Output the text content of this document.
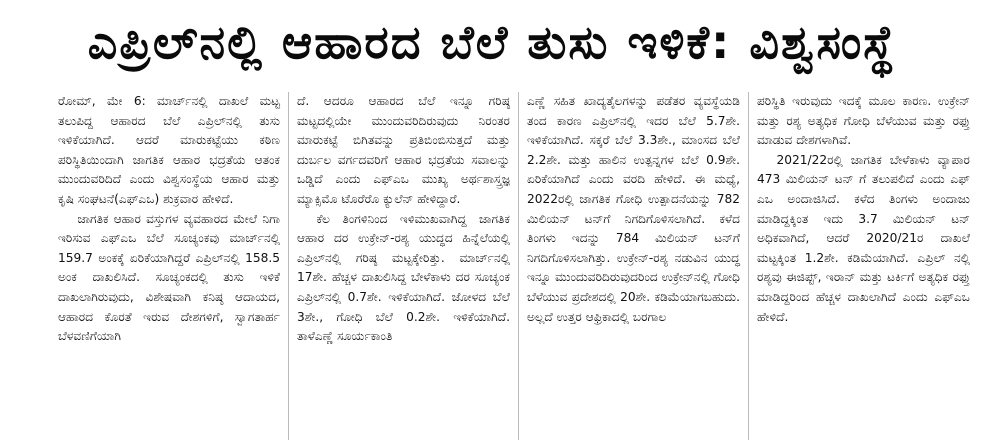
ಎಪ್ರಿಲ್‌ನಲ್ಲಿ ಆಹಾರದ ಬೆಲೆ ತುಸು ಇಳಿಕೆ: ವಿಶ್ವಸಂಸ್ಥೆ

ರೋಮ್, ಮೇ 6: ಮಾರ್ಚ್‌ನಲ್ಲಿ ದಾಖಲೆ ಮಟ್ಟ ತಲುಪಿದ್ದ ಆಹಾರದ ಬೆಲೆ ಎಪ್ರಿಲ್‌ನಲ್ಲಿ ತುಸು ಇಳಿಕೆಯಾಗಿದೆ. ಆದರೆ ಮಾರುಕಟ್ಟೆಯು ಕಠಿಣ ಪರಿಸ್ಥಿತಿಯಿಂದಾಗಿ ಜಾಗತಿಕ ಆಹಾರ ಭದ್ರತೆಯ ಆತಂಕ ಮುಂದುವರಿದಿದೆ ಎಂದು ವಿಶ್ವಸಂಸ್ಥೆಯ ಆಹಾರ ಮತ್ತು ಕೃಷಿ ಸಂಘಟನೆ(ಎಫ್‌ಎಒ) ಶುಕ್ರವಾರ ಹೇಳಿದೆ.

ಜಾಗತಿಕ ಆಹಾರ ವಸ್ತುಗಳ ವ್ಯವಹಾರದ ಮೇಲೆ ನಿಗಾ ಇರಿಸುವ ಎಫ್‌ಎಒ ಬೆಲೆ ಸೂಚ್ಯಂಕವು ಮಾರ್ಚ್‌ನಲ್ಲಿ 159.7 ಅಂಕಕ್ಕೆ ಏರಿಕೆಯಾಗಿದ್ದರೆ ಎಪ್ರಿಲ್‌ನಲ್ಲಿ 158.5 ಅಂಕ ದಾಖಲಿಸಿದೆ. ಸೂಚ್ಯಂಕದಲ್ಲಿ ತುಸು ಇಳಿಕೆ ದಾಖಲಾಗಿರುವುದು, ವಿಶೇಷವಾಗಿ ಕನಿಷ್ಠ ಆದಾಯದ, ಆಹಾರದ ಕೊರತೆ ಇರುವ ದೇಶಗಳಿಗೆ, ಸ್ವಾಗತಾರ್ಹ ಬೆಳವಣಿಗೆಯಾಗಿ

ದೆ. ಆದರೂ ಆಹಾರದ ಬೆಲೆ ಇನ್ನೂ ಗರಿಷ್ಠ ಮಟ್ಟದಲ್ಲಿಯೇ ಮುಂದುವರಿದಿರುವುದು ನಿರಂತರ ಮಾರುಕಟ್ಟೆ ಬಿಗಿತವನ್ನು ಪ್ರತಿಬಿಂಬಿಸುತ್ತದೆ ಮತ್ತು ದುರ್ಬಲ ವರ್ಗದವರಿಗೆ ಆಹಾರ ಭದ್ರತೆಯ ಸವಾಲನ್ನು ಒಡ್ಡಿದೆ ಎಂದು ಎಫ್‌ಎಒ ಮುಖ್ಯ ಅರ್ಥಶಾಸ್ತ್ರಜ್ಞ ಮ್ಯಾಕ್ಸಿಮೊ ಟೊರೆರೊ ಕ್ಯುಲೆನ್ ಹೇಳಿದ್ದಾರೆ.

ಕೆಲ ತಿಂಗಳಿನಿಂದ ಇಳಿಮುಖವಾಗಿದ್ದ ಜಾಗತಿಕ ಆಹಾರ ದರ ಉಕ್ರೇನ್-ರಶ್ಯ ಯುದ್ಧದ ಹಿನ್ನೆಲೆಯಲ್ಲಿ ಎಪ್ರಿಲ್‌ನಲ್ಲಿ ಗರಿಷ್ಠ ಮಟ್ಟಕ್ಕೇರಿತ್ತು. ಮಾರ್ಚ್‌ನಲ್ಲಿ 17ಶೇ. ಹೆಚ್ಚಳ ದಾಖಲಿಸಿದ್ದ ಬೇಳೆಕಾಳು ದರ ಸೂಚ್ಯಂಕ ಎಪ್ರಿಲ್‌ನಲ್ಲಿ 0.7ಶೇ. ಇಳಿಕೆಯಾಗಿದೆ. ಜೋಳದ ಬೆಲೆ 3ಶೇ., ಗೋಧಿ ಬೆಲೆ 0.2ಶೇ. ಇಳಿಕೆಯಾಗಿದೆ. ತಾಳೆಎಣ್ಣೆ ಸೂರ್ಯಕಾಂತಿ

ಎಣ್ಣೆ ಸಹಿತ ಖಾದ್ಯತೈಲಗಳನ್ನು ಪಡೆತರ ವ್ಯವಸ್ಥೆಯಡಿ ತಂದ ಕಾರಣ ಎಪ್ರಿಲ್‌ನಲ್ಲಿ ಇದರ ಬೆಲೆ 5.7ಶೇ. ಇಳಿಕೆಯಾಗಿದೆ. ಸಕ್ಕರೆ ಬೆಲೆ 3.3ಶೇ., ಮಾಂಸದ ಬೆಲೆ 2.2ಶೇ. ಮತ್ತು ಹಾಲಿನ ಉತ್ಪನ್ನಗಳ ಬೆಲೆ 0.9ಶೇ. ಏರಿಕೆಯಾಗಿದೆ ಎಂದು ವರದಿ ಹೇಳಿದೆ. ಈ ಮಧ್ಯೆ, 2022ರಲ್ಲಿ ಜಾಗತಿಕ ಗೋಧಿ ಉತ್ಪಾದನೆಯನ್ನು 782 ಮಿಲಿಯನ್ ಟನ್‌ಗೆ ನಿಗದಿಗೊಳಿಸಲಾಗಿದೆ. ಕಳೆದ ತಿಂಗಳು ಇದನ್ನು 784 ಮಿಲಿಯನ್ ಟನ್‌ಗೆ ನಿಗದಿಗೊಳಿಸಲಾಗಿತ್ತು. ಉಕ್ರೇನ್-ರಶ್ಯ ನಡುವಿನ ಯುದ್ಧ ಇನ್ನೂ ಮುಂದುವರಿದಿರುವುದರಿಂದ ಉಕ್ರೇನ್‌ನಲ್ಲಿ ಗೋಧಿ ಬೆಳೆಯುವ ಪ್ರದೇಶದಲ್ಲಿ 20ಶೇ. ಕಡಿಮೆಯಾಗಬಹುದು. ಅಲ್ಲದೆ ಉತ್ತರ ಆಫ್ರಿಕಾದಲ್ಲಿ ಬರಗಾಲ

ಪರಿಸ್ಥಿತಿ ಇರುವುದು ಇದಕ್ಕೆ ಮೂಲ ಕಾರಣ. ಉಕ್ರೇನ್ ಮತ್ತು ರಶ್ಯ ಅತ್ಯಧಿಕ ಗೋಧಿ ಬೆಳೆಯುವ ಮತ್ತು ರಫ್ತು ಮಾಡುವ ದೇಶಗಳಾಗಿವೆ.

2021/22ರಲ್ಲಿ ಜಾಗತಿಕ ಬೇಳೆಕಾಳು ವ್ಯಾಪಾರ 473 ಮಿಲಿಯನ್ ಟನ್ ಗೆ ತಲುಪಲಿದೆ ಎಂದು ಎಫ್ ಎಒ ಅಂದಾಜಿಸಿದೆ. ಕಳೆದ ತಿಂಗಳು ಅಂದಾಜು ಮಾಡಿದ್ದಕ್ಕಿಂತ ಇದು 3.7 ಮಿಲಿಯನ್ ಟನ್ ಅಧಿಕವಾಗಿದೆ, ಆದರೆ 2020/21ರ ದಾಖಲೆ ಮಟ್ಟಕ್ಕಿಂತ 1.2ಶೇ. ಕಡಿಮೆಯಾಗಿದೆ. ಎಪ್ರಿಲ್ ನಲ್ಲಿ ರಶ್ಯವು ಈಜಿಪ್ಟ್, ಇರಾನ್ ಮತ್ತು ಟರ್ಕಿಗೆ ಅತ್ಯಧಿಕ ರಫ್ತು ಮಾಡಿದ್ದರಿಂದ ಹೆಚ್ಚಳ ದಾಖಲಾಗಿದೆ ಎಂದು ಎಫ್‌ಎಒ ಹೇಳಿದೆ.
